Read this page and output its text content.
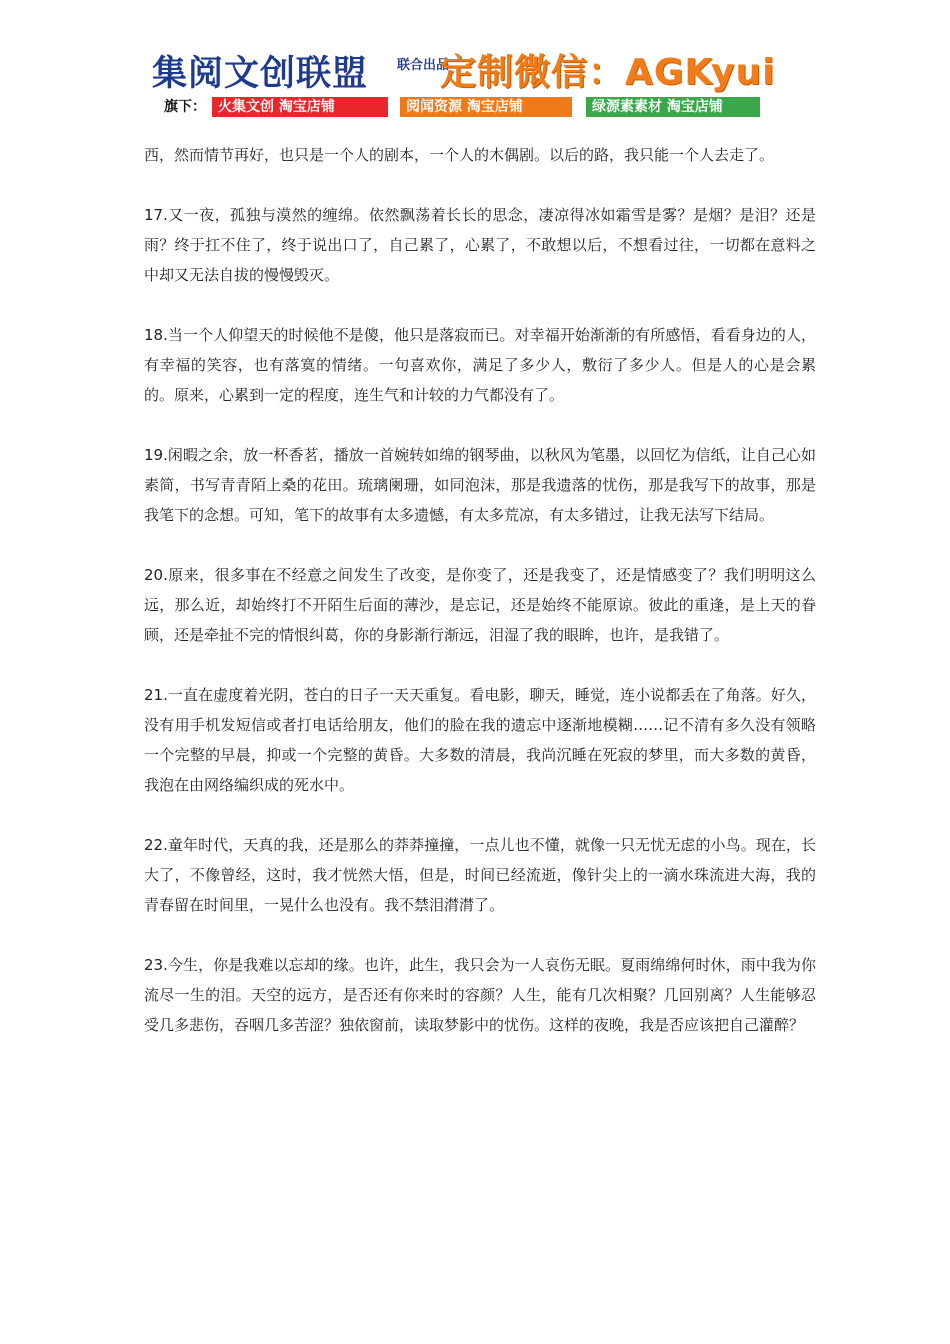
集阅文创联盟 联合出品
定制微信：AGKyui
旗下： 火集文创 淘宝店铺	阅闻资源 淘宝店铺	绿源素素材 淘宝店铺

西，然而情节再好，也只是一个人的剧本，一个人的木偶剧。以后的路，我只能一个人去走了。

17.又一夜，孤独与漠然的缠绵。依然飘荡着长长的思念，凄凉得冰如霜雪是雾？是烟？是泪？还是雨？终于扛不住了，终于说出口了，自己累了，心累了，不敢想以后，不想看过往，一切都在意料之中却又无法自拔的慢慢毁灭。

18.当一个人仰望天的时候他不是傻，他只是落寂而已。对幸福开始渐渐的有所感悟，看看身边的人，有幸福的笑容，也有落寞的情绪。一句喜欢你，满足了多少人，敷衍了多少人。但是人的心是会累的。原来，心累到一定的程度，连生气和计较的力气都没有了。

19.闲暇之余，放一杯香茗，播放一首婉转如绵的钢琴曲，以秋风为笔墨，以回忆为信纸，让自己心如素简，书写青青陌上桑的花田。琉璃阑珊，如同泡沫，那是我遗落的忧伤，那是我写下的故事，那是我笔下的念想。可知，笔下的故事有太多遗憾，有太多荒凉，有太多错过，让我无法写下结局。

20.原来，很多事在不经意之间发生了改变，是你变了，还是我变了，还是情感变了？我们明明这么远，那么近，却始终打不开陌生后面的薄沙，是忘记，还是始终不能原谅。彼此的重逢，是上天的眷顾，还是牵扯不完的情恨纠葛，你的身影渐行渐远，泪湿了我的眼眸，也许，是我错了。

21.一直在虚度着光阴，苍白的日子一天天重复。看电影，聊天，睡觉，连小说都丢在了角落。好久，没有用手机发短信或者打电话给朋友，他们的脸在我的遗忘中逐渐地模糊……记不清有多久没有领略一个完整的早晨，抑或一个完整的黄昏。大多数的清晨，我尚沉睡在死寂的梦里，而大多数的黄昏，我泡在由网络编织成的死水中。

22.童年时代，天真的我，还是那么的莽莽撞撞，一点儿也不懂，就像一只无忧无虑的小鸟。现在，长大了，不像曾经，这时，我才恍然大悟，但是，时间已经流逝，像针尖上的一滴水珠流进大海，我的青春留在时间里，一晃什么也没有。我不禁泪潸潸了。

23.今生，你是我难以忘却的缘。也许，此生，我只会为一人哀伤无眠。夏雨绵绵何时休，雨中我为你流尽一生的泪。天空的远方，是否还有你来时的容颜？人生，能有几次相聚？几回别离？人生能够忍受几多悲伤，吞咽几多苦涩？独依窗前，读取梦影中的忧伤。这样的夜晚，我是否应该把自己灌醉？
